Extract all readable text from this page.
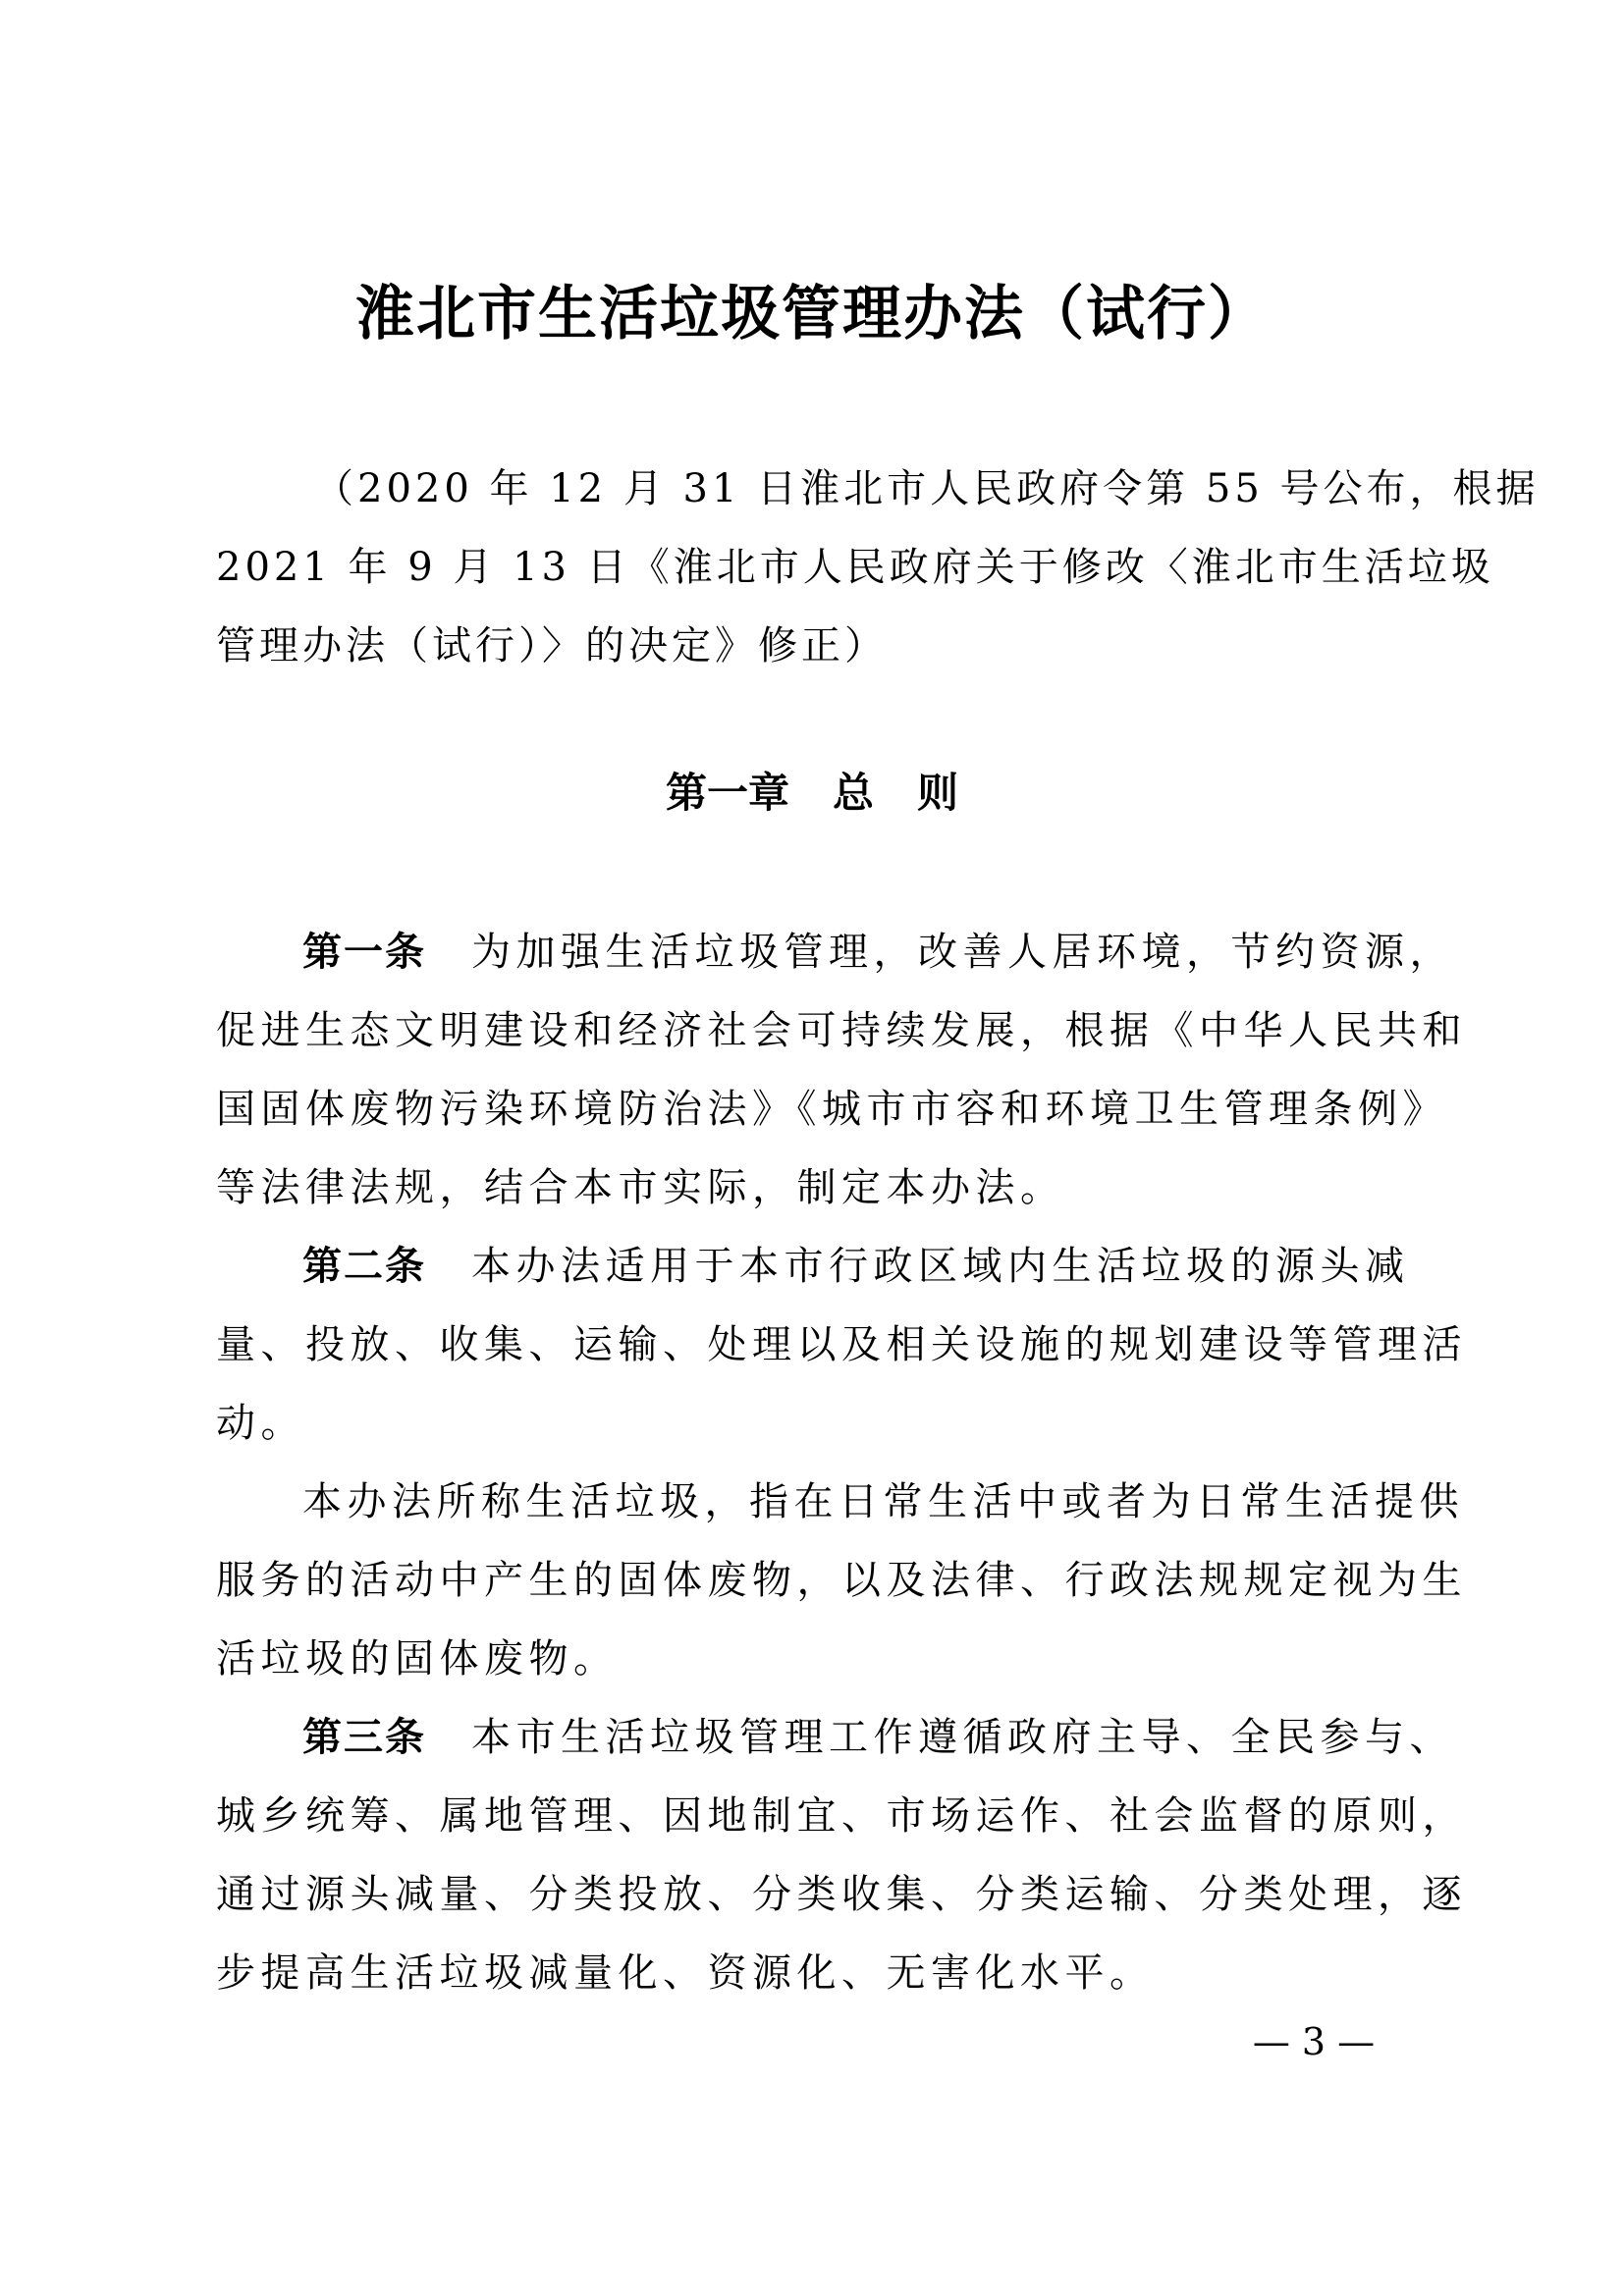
淮北市生活垃圾管理办法（试行）
（2020 年 12 月 31 日淮北市人民政府令第 55 号公布，根据
2021 年 9 月 13 日《淮北市人民政府关于修改〈淮北市生活垃圾
管理办法（试行）〉的决定》修正）
第一章 总则
第一条 为加强生活垃圾管理，改善人居环境，节约资源，
促进生态文明建设和经济社会可持续发展，根据《中华人民共和
国固体废物污染环境防治法》《城市市容和环境卫生管理条例》
等法律法规，结合本市实际，制定本办法。
第二条 本办法适用于本市行政区域内生活垃圾的源头减
量、投放、收集、运输、处理以及相关设施的规划建设等管理活
动。
本办法所称生活垃圾，指在日常生活中或者为日常生活提供
服务的活动中产生的固体废物，以及法律、行政法规规定视为生
活垃圾的固体废物。
第三条 本市生活垃圾管理工作遵循政府主导、全民参与、
城乡统筹、属地管理、因地制宜、市场运作、社会监督的原则，
通过源头减量、分类投放、分类收集、分类运输、分类处理，逐
步提高生活垃圾减量化、资源化、无害化水平。
— 3 —
